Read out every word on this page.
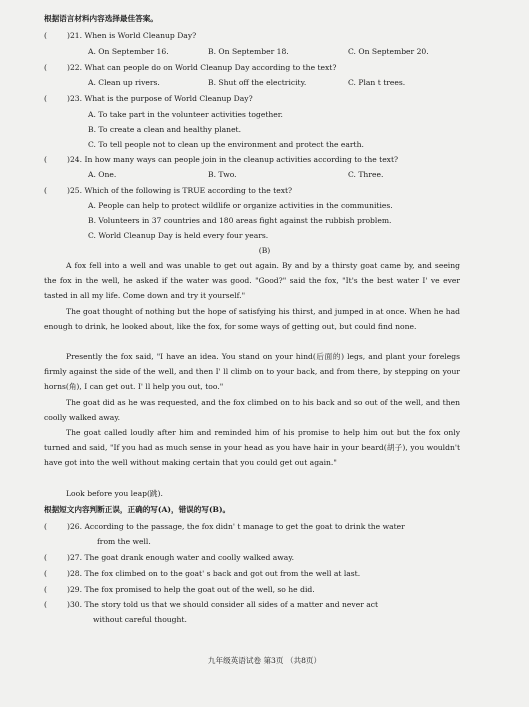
根据语言材料内容选择最佳答案。
(	)21. When is World Cleanup Day?
A. On September 16.	B. On September 18.	C. On September 20.
(	)22. What can people do on World Cleanup Day according to the text?
A. Clean up rivers.	B. Shut off the electricity.	C. Plan t trees.
(	)23. What is the purpose of World Cleanup Day?
A. To take part in the volunteer activities together.
B. To create a clean and healthy planet.
C. To tell people not to clean up the environment and protect the earth.
(	)24. In how many ways can people join in the cleanup activities according to the text?
A. One.	B. Two.	C. Three.
(	)25. Which of the following is TRUE according to the text?
A. People can help to protect wildlife or organize activities in the communities.
B. Volunteers in 37 countries and 180 areas fight against the rubbish problem.
C. World Cleanup Day is held every four years.
(B)
A fox fell into a well and was unable to get out again. By and by a thirsty goat came by, and seeing the fox in the well, he asked if the water was good. "Good?" said the fox, "It's the best water I' ve ever tasted in all my life. Come down and try it yourself."
The goat thought of nothing but the hope of satisfying his thirst, and jumped in at once. When he had enough to drink, he looked about, like the fox, for some ways of getting out, but could find none.
Presently the fox said, "I have an idea. You stand on your hind(后面的) legs, and plant your forelegs firmly against the side of the well, and then I' ll climb on to your back, and from there, by stepping on your horns(角), I can get out. I' ll help you out, too."
The goat did as he was requested, and the fox climbed on to his back and so out of the well, and then coolly walked away.
The goat called loudly after him and reminded him of his promise to help him out but the fox only turned and said, "If you had as much sense in your head as you have hair in your beard(胡子), you wouldn't have got into the well without making certain that you could get out again."
Look before you leap(跳).
根据短文内容判断正误，正确的写(A)，错误的写(B)。
(	)26. According to the passage, the fox didn' t manage to get the goat to drink the water
from the well.
(	)27. The goat drank enough water and coolly walked away.
(	)28. The fox climbed on to the goat' s back and got out from the well at last.
(	)29. The fox promised to help the goat out of the well, so he did.
(	)30. The story told us that we should consider all sides of a matter and never act
without careful thought.
九年级英语试卷 第3页 （共8页）
